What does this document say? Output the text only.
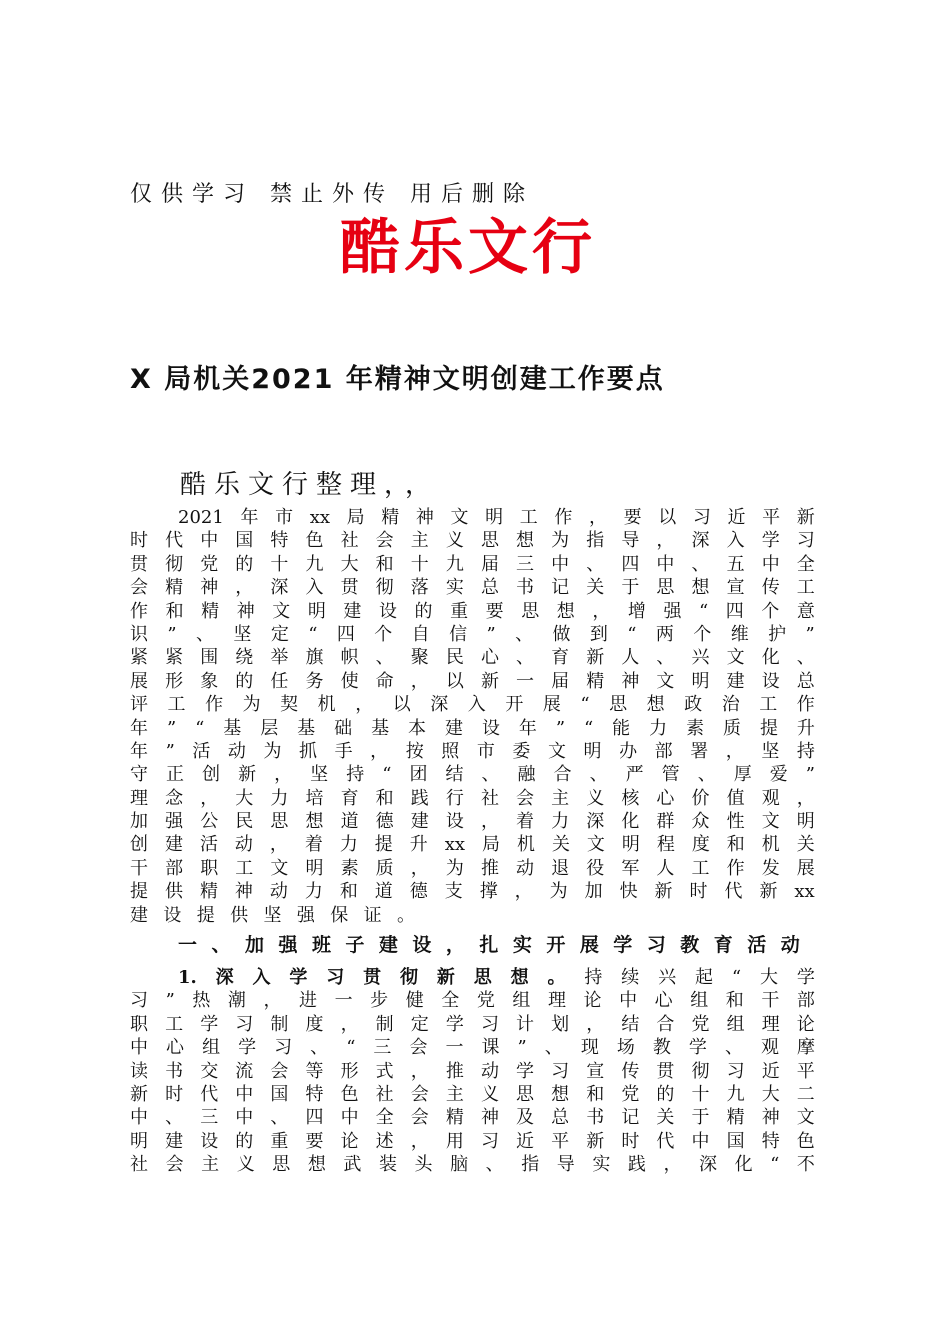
仅供学习 禁止外传 用后删除
酷乐文行
X 局机关2021 年精神文明创建工作要点
酷乐文行整理，，
2021 年 市 xx 局 精 神 文 明 工 作 ， 要 以 习 近 平 新
时 代 中 国 特 色 社 会 主 义 思 想 为 指 导 ， 深 入 学 习
贯 彻 党 的 十 九 大 和 十 九 届 三 中 、 四 中 、 五 中 全
会 精 神 ， 深 入 贯 彻 落 实 总 书 记 关 于 思 想 宣 传 工
作 和 精 神 文 明 建 设 的 重 要 思 想 ， 增 强 “ 四 个 意
识 ” 、 坚 定 “ 四 个 自 信 ” 、 做 到 “ 两 个 维 护 ”
紧 紧 围 绕 举 旗 帜 、 聚 民 心 、 育 新 人 、 兴 文 化 、
展 形 象 的 任 务 使 命 ， 以 新 一 届 精 神 文 明 建 设 总
评 工 作 为 契 机 ， 以 深 入 开 展 “ 思 想 政 治 工 作
年 ” “ 基 层 基 础 基 本 建 设 年 ” “ 能 力 素 质 提 升
年 ” 活 动 为 抓 手 ， 按 照 市 委 文 明 办 部 署 ， 坚 持
守 正 创 新 ， 坚 持 “ 团 结 、 融 合 、 严 管 、 厚 爱 ”
理 念 ， 大 力 培 育 和 践 行 社 会 主 义 核 心 价 值 观 ，
加 强 公 民 思 想 道 德 建 设 ， 着 力 深 化 群 众 性 文 明
创 建 活 动 ， 着 力 提 升 xx 局 机 关 文 明 程 度 和 机 关
干 部 职 工 文 明 素 质 ， 为 推 动 退 役 军 人 工 作 发 展
提 供 精 神 动 力 和 道 德 支 撑 ， 为 加 快 新 时 代 新 xx
建 设 提 供 坚 强 保 证 。
一 、 加 强 班 子 建 设 ， 扎 实 开 展 学 习 教 育 活 动
1. 深 入 学 习 贯 彻 新 思 想 。 持 续 兴 起 “ 大 学
习 ” 热 潮 ， 进 一 步 健 全 党 组 理 论 中 心 组 和 干 部
职 工 学 习 制 度 ， 制 定 学 习 计 划 ， 结 合 党 组 理 论
中 心 组 学 习 、 “ 三 会 一 课 ” 、 现 场 教 学 、 观 摩
读 书 交 流 会 等 形 式 ， 推 动 学 习 宣 传 贯 彻 习 近 平
新 时 代 中 国 特 色 社 会 主 义 思 想 和 党 的 十 九 大 二
中 、 三 中 、 四 中 全 会 精 神 及 总 书 记 关 于 精 神 文
明 建 设 的 重 要 论 述 ， 用 习 近 平 新 时 代 中 国 特 色
社 会 主 义 思 想 武 装 头 脑 、 指 导 实 践 ， 深 化 “ 不
